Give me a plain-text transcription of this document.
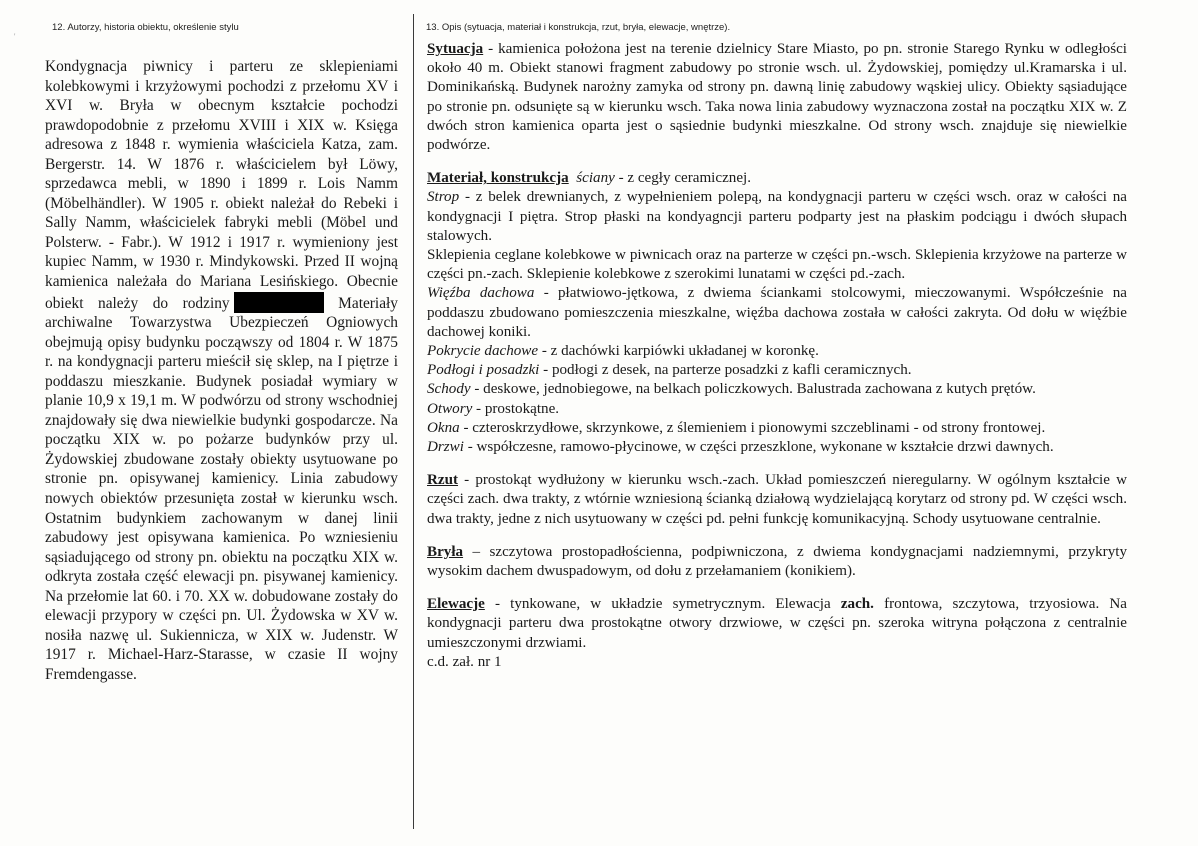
'
12. Autorzy, historia obiektu, określenie stylu	13. Opis (sytuacja, materiał i konstrukcja, rzut, bryła, elewacje, wnętrze).

Kondygnacja piwnicy i parteru ze sklepieniami kolebkowymi i krzyżowymi pochodzi z przełomu XV i XVI w. Bryła w obecnym kształcie pochodzi prawdopodobnie z przełomu XVIII i XIX w. Księga adresowa z 1848 r. wymienia właściciela Katza, zam. Bergerstr. 14. W 1876 r. właścicielem był Löwy, sprzedawca mebli, w 1890 i 1899 r. Lois Namm (Möbelhändler). W 1905 r. obiekt należał do Rebeki i Sally Namm, właścicielek fabryki mebli (Möbel und Polsterw. - Fabr.). W 1912 i 1917 r. wymieniony jest kupiec Namm, w 1930 r. Mindykowski. Przed II wojną kamienica należała do Mariana Lesińskiego. Obecnie obiekt należy do rodziny	Materiały archiwalne Towarzystwa Ubezpieczeń Ogniowych obejmują opisy budynku począwszy od 1804 r. W 1875 r. na kondygnacji parteru mieścił się sklep, na I piętrze i poddaszu mieszkanie. Budynek posiadał wymiary w planie 10,9 x 19,1 m. W podwórzu od strony wschodniej znajdowały się dwa niewielkie budynki gospodarcze. Na początku XIX w. po pożarze budynków przy ul. Żydowskiej zbudowane zostały obiekty usytuowane po stronie pn. opisywanej kamienicy. Linia zabudowy nowych obiektów przesunięta został w kierunku wsch. Ostatnim budynkiem zachowanym w danej linii zabudowy jest opisywana kamienica. Po wzniesieniu sąsiadującego od strony pn. obiektu na początku XIX w. odkryta została część elewacji pn. pisywanej kamienicy. Na przełomie lat 60. i 70. XX w. dobudowane zostały do elewacji przypory w części pn. Ul. Żydowska w XV w. nosiła nazwę ul. Sukiennicza, w XIX w. Judenstr. W 1917 r. Michael-Harz-Starasse, w czasie II wojny Fremdengasse.

Sytuacja - kamienica położona jest na terenie dzielnicy Stare Miasto, po pn. stronie Starego Rynku w odległości około 40 m. Obiekt stanowi fragment zabudowy po stronie wsch. ul. Żydowskiej, pomiędzy ul.Kramarska i ul. Dominikańską. Budynek narożny zamyka od strony pn. dawną linię zabudowy wąskiej ulicy. Obiekty sąsiadujące po stronie pn. odsunięte są w kierunku wsch. Taka nowa linia zabudowy wyznaczona został na początku XIX w. Z dwóch stron kamienica oparta jest o sąsiednie budynki mieszkalne. Od strony wsch. znajduje się niewielkie podwórze.

Materiał, konstrukcja ściany - z cegły ceramicznej.

Strop - z belek drewnianych, z wypełnieniem polepą, na kondygnacji parteru w części wsch. oraz w całości na kondygnacji I piętra. Strop płaski na kondyagncji parteru podparty jest na płaskim podciągu i dwóch słupach stalowych.

Sklepienia ceglane kolebkowe w piwnicach oraz na parterze w części pn.-wsch. Sklepienia krzyżowe na parterze w części pn.-zach. Sklepienie kolebkowe z szerokimi lunatami w części pd.-zach.

Więźba dachowa - płatwiowo-jętkowa, z dwiema ściankami stolcowymi, mieczowanymi. Współcześnie na poddaszu zbudowano pomieszczenia mieszkalne, więźba dachowa została w całości zakryta. Od dołu w więźbie dachowej koniki.

Pokrycie dachowe - z dachówki karpiówki układanej w koronkę.

Podłogi i posadzki - podłogi z desek, na parterze posadzki z kafli ceramicznych.

Schody - deskowe, jednobiegowe, na belkach policzkowych. Balustrada zachowana z kutych prętów.

Otwory - prostokątne.

Okna - czteroskrzydłowe, skrzynkowe, z ślemieniem i pionowymi szczeblinami - od strony frontowej.

Drzwi - współczesne, ramowo-płycinowe, w części przeszklone, wykonane w kształcie drzwi dawnych.

Rzut - prostokąt wydłużony w kierunku wsch.-zach. Układ pomieszczeń nieregularny. W ogólnym kształcie w części zach. dwa trakty, z wtórnie wzniesioną ścianką działową wydzielającą korytarz od strony pd. W części wsch. dwa trakty, jedne z nich usytuowany w części pd. pełni funkcję komunikacyjną. Schody usytuowane centralnie.

Bryła – szczytowa prostopadłościenna, podpiwniczona, z dwiema kondygnacjami nadziemnymi, przykryty wysokim dachem dwuspadowym, od dołu z przełamaniem (konikiem).

Elewacje - tynkowane, w układzie symetrycznym. Elewacja zach. frontowa, szczytowa, trzyosiowa. Na kondygnacji parteru dwa prostokątne otwory drzwiowe, w części pn. szeroka witryna połączona z centralnie umieszczonymi drzwiami.

c.d. zał. nr 1
